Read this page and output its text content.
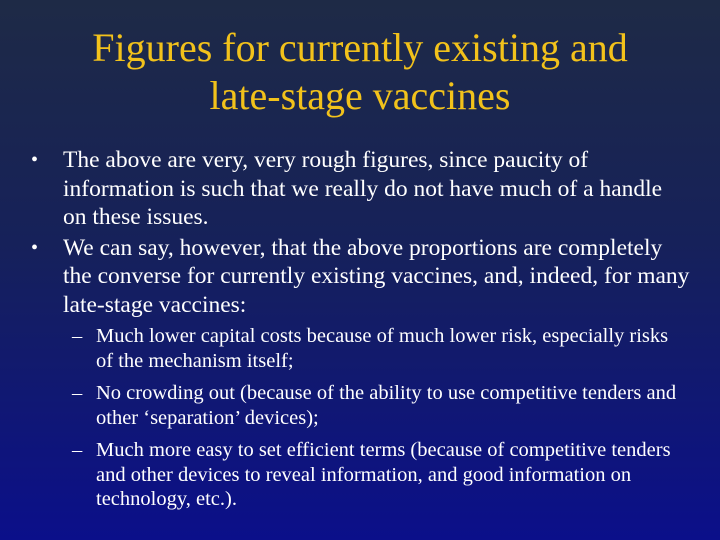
Figures for currently existing and
late-stage vaccines
• The above are very, very rough figures, since paucity of information is such that we really do not have much of a handle on these issues.
• We can say, however, that the above proportions are completely the converse for currently existing vaccines, and, indeed, for many late-stage vaccines:
– Much lower capital costs because of much lower risk, especially risks of the mechanism itself;
– No crowding out (because of the ability to use competitive tenders and other ‘separation’ devices);
– Much more easy to set efficient terms (because of competitive tenders and other devices to reveal information, and good information on technology, etc.).
